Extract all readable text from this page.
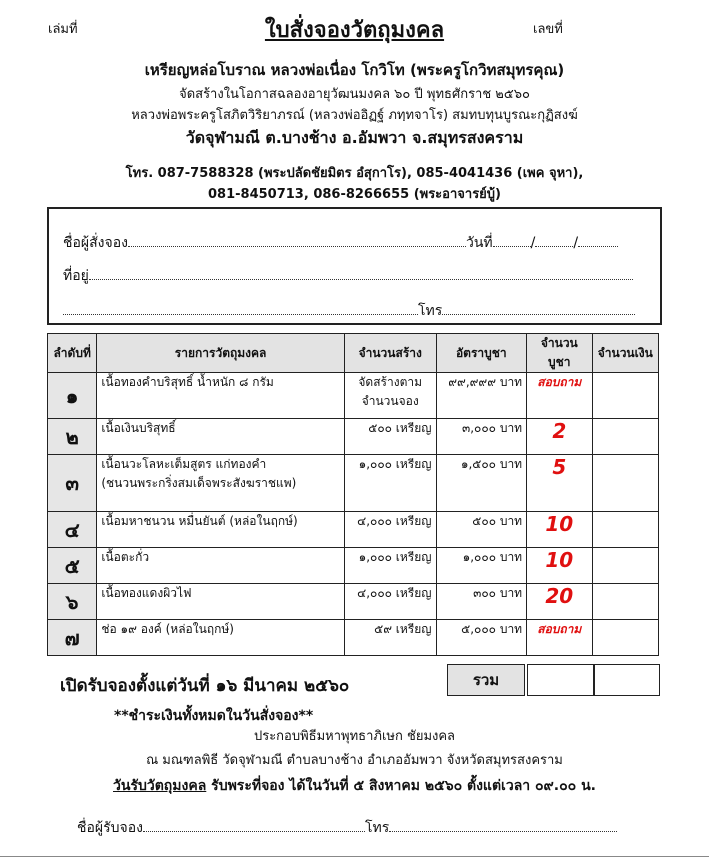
เล่มที่	ใบสั่งจองวัตถุมงคล	เลขที่
เหรียญหล่อโบราณ หลวงพ่อเนื่อง โกวิโท (พระครูโกวิทสมุทรคุณ)
จัดสร้างในโอกาสฉลองอายุวัฒนมงคล ๖๐ ปี พุทธศักราช ๒๕๖๐
หลวงพ่อพระครูโสภิตวิริยาภรณ์ (หลวงพ่ออิฏฐ์ ภทฺทจาโร) สมทบทุนบูรณะกุฏิสงฆ์
วัดจุฬามณี ต.บางช้าง อ.อัมพวา จ.สมุทรสงคราม
โทร. 087-7588328 (พระปลัดชัยมิตร อํสุกาโร), 085-4041436 (เพค จุหา),
081-8450713, 086-8266655 (พระอาจารย์บู้)
ชื่อผู้สั่งจอง	วันที่	/	/
ที่อยู่
โทร
ลำดับที่	รายการวัตถุมงคล	จำนวนสร้าง	อัตราบูชา	จำนวนบูชา	จำนวนเงิน
๑	เนื้อทองคำบริสุทธิ์ น้ำหนัก ๘ กรัม	จัดสร้างตาม
จำนวนจอง	๙๙,๙๙๙ บาท	สอบถาม	
๒	เนื้อเงินบริสุทธิ์	๕๐๐ เหรียญ	๓,๐๐๐ บาท	2	
๓	เนื้อนวะโลหะเต็มสูตร แก่ทองคำ
(ชนวนพระกริ่งสมเด็จพระสังฆราชแพ)	๑,๐๐๐ เหรียญ	๑,๕๐๐ บาท	5	
๔	เนื้อมหาชนวน หมื่นยันต์ (หล่อในฤกษ์)	๔,๐๐๐ เหรียญ	๕๐๐ บาท	10	
๕	เนื้อตะกั่ว	๑,๐๐๐ เหรียญ	๑,๐๐๐ บาท	10	
๖	เนื้อทองแดงผิวไฟ	๔,๐๐๐ เหรียญ	๓๐๐ บาท	20	
๗	ช่อ ๑๙ องค์ (หล่อในฤกษ์)	๕๙ เหรียญ	๕,๐๐๐ บาท	สอบถาม	
เปิดรับจองตั้งแต่วันที่ ๑๖ มีนาคม ๒๕๖๐	รวม
**ชำระเงินทั้งหมดในวันสั่งจอง**
ประกอบพิธีมหาพุทธาภิเษก ชัยมงคล
ณ มณฑลพิธี วัดจุฬามณี ตำบลบางช้าง อำเภออัมพวา จังหวัดสมุทรสงคราม
วันรับวัตถุมงคล รับพระที่จอง ได้ในวันที่ ๕ สิงหาคม ๒๕๖๐ ตั้งแต่เวลา ๐๙.๐๐ น.
ชื่อผู้รับจอง	โทร
